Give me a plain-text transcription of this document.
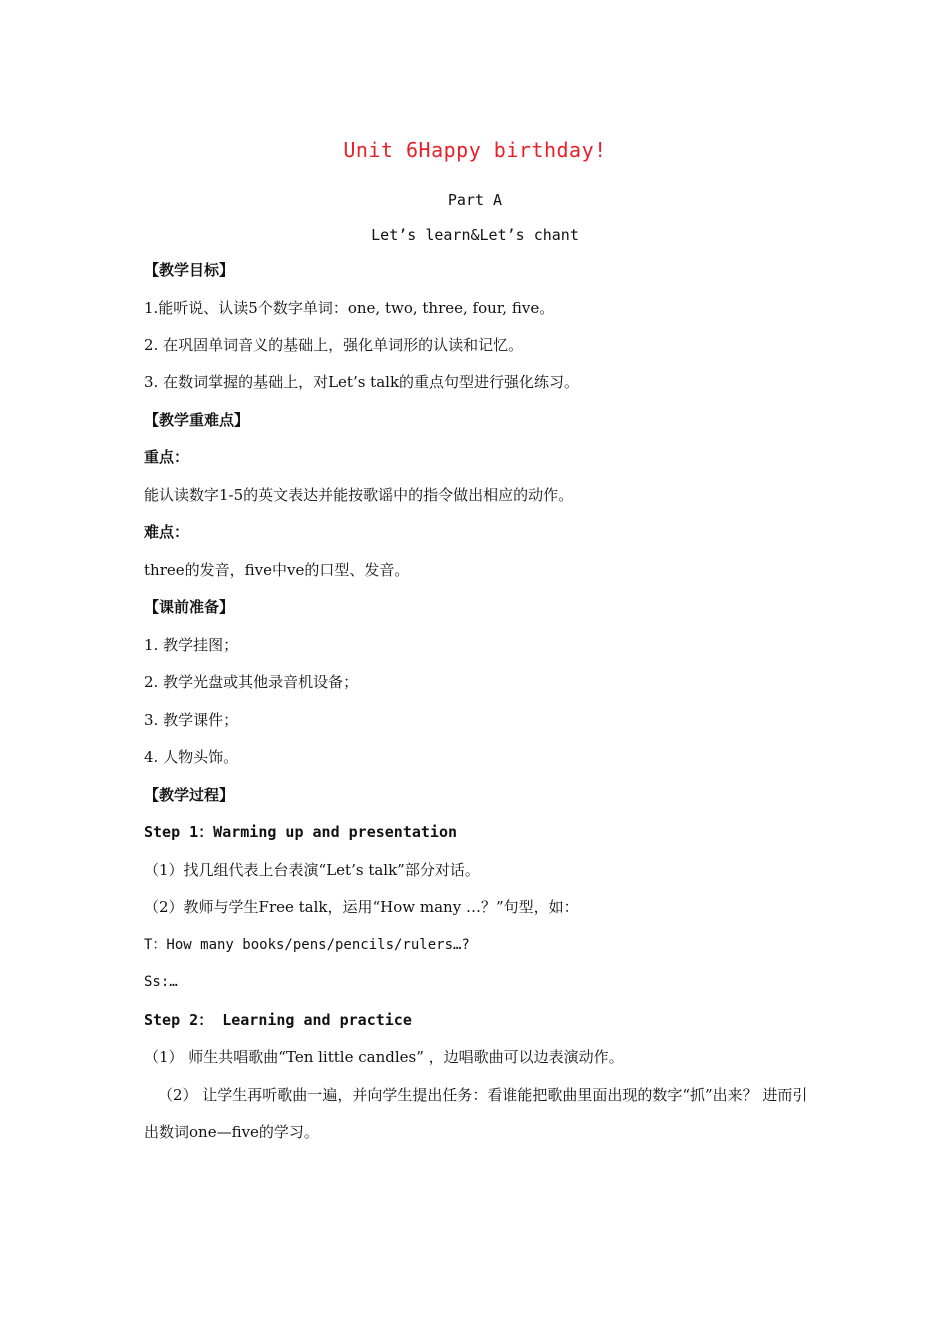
Unit 6Happy birthday!
Part A
Let’s learn&Let’s chant
【教学目标】
1.能听说、认读5个数字单词：one, two, three, four, five。
2. 在巩固单词音义的基础上，强化单词形的认读和记忆。
3. 在数词掌握的基础上，对Let’s talk的重点句型进行强化练习。
【教学重难点】
重点：
能认读数字1-5的英文表达并能按歌谣中的指令做出相应的动作。
难点：
three的发音，five中ve的口型、发音。
【课前准备】
1. 教学挂图；
2. 教学光盘或其他录音机设备；
3. 教学课件；
4. 人物头饰。
【教学过程】
Step 1：Warming up and presentation
（1）找几组代表上台表演“Let’s talk”部分对话。
（2）教师与学生Free talk，运用“How many …？”句型，如：
T：How many books/pens/pencils/rulers…?
Ss:…
Step 2： Learning and practice
（1） 师生共唱歌曲“Ten little candles” ，边唱歌曲可以边表演动作。
（2） 让学生再听歌曲一遍，并向学生提出任务：看谁能把歌曲里面出现的数字“抓”出来？ 进而引出数词one—five的学习。
